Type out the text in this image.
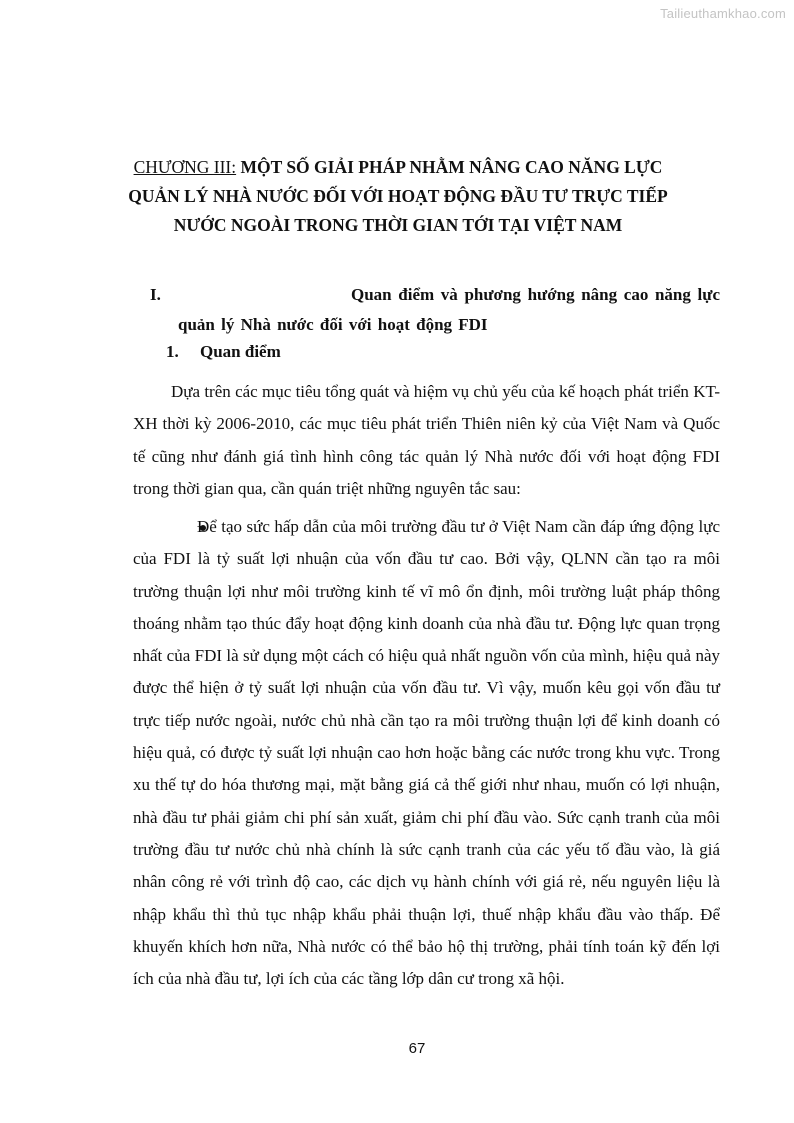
Tailieuthamkhao.com
CHƯƠNG III: MỘT SỐ GIẢI PHÁP NHẰM NÂNG CAO NĂNG LỰC QUẢN LÝ NHÀ NƯỚC ĐỐI VỚI HOẠT ĐỘNG ĐẦU TƯ TRỰC TIẾP NƯỚC NGOÀI TRONG THỜI GIAN TỚI TẠI VIỆT NAM
I.	Quan điểm và phương hướng nâng cao năng lực quản lý Nhà nước đối với hoạt động FDI
1. Quan điểm

Dựa trên các mục tiêu tổng quát và hiệm vụ chủ yếu của kế hoạch phát triển KT-XH thời kỳ 2006-2010, các mục tiêu phát triển Thiên niên kỷ của Việt Nam và Quốc tế cũng như đánh giá tình hình công tác quản lý Nhà nước đối với hoạt động FDI trong thời gian qua, cần quán triệt những nguyên tắc sau:

Để tạo sức hấp dẫn của môi trường đầu tư ở Việt Nam cần đáp ứng động lực của FDI là tỷ suất lợi nhuận của vốn đầu tư cao. Bởi vậy, QLNN cần tạo ra môi trường thuận lợi như môi trường kinh tế vĩ mô ổn định, môi trường luật pháp thông thoáng nhằm tạo thúc đẩy hoạt động kinh doanh của nhà đầu tư. Động lực quan trọng nhất của FDI là sử dụng một cách có hiệu quả nhất nguồn vốn của mình, hiệu quả này được thể hiện ở tỷ suất lợi nhuận của vốn đầu tư. Vì vậy, muốn kêu gọi vốn đầu tư trực tiếp nước ngoài, nước chủ nhà cần tạo ra môi trường thuận lợi để kinh doanh có hiệu quả, có được tỷ suất lợi nhuận cao hơn hoặc bằng các nước trong khu vực. Trong xu thế tự do hóa thương mại, mặt bằng giá cả thế giới như nhau, muốn có lợi nhuận, nhà đầu tư phải giảm chi phí sản xuất, giảm chi phí đầu vào. Sức cạnh tranh của môi trường đầu tư nước chủ nhà chính là sức cạnh tranh của các yếu tố đầu vào, là giá nhân công rẻ với trình độ cao, các dịch vụ hành chính với giá rẻ, nếu nguyên liệu là nhập khẩu thì thủ tục nhập khẩu phải thuận lợi, thuế nhập khẩu đầu vào thấp. Để khuyến khích hơn nữa, Nhà nước có thể bảo hộ thị trường, phải tính toán kỹ đến lợi ích của nhà đầu tư, lợi ích của các tầng lớp dân cư trong xã hội.

67
